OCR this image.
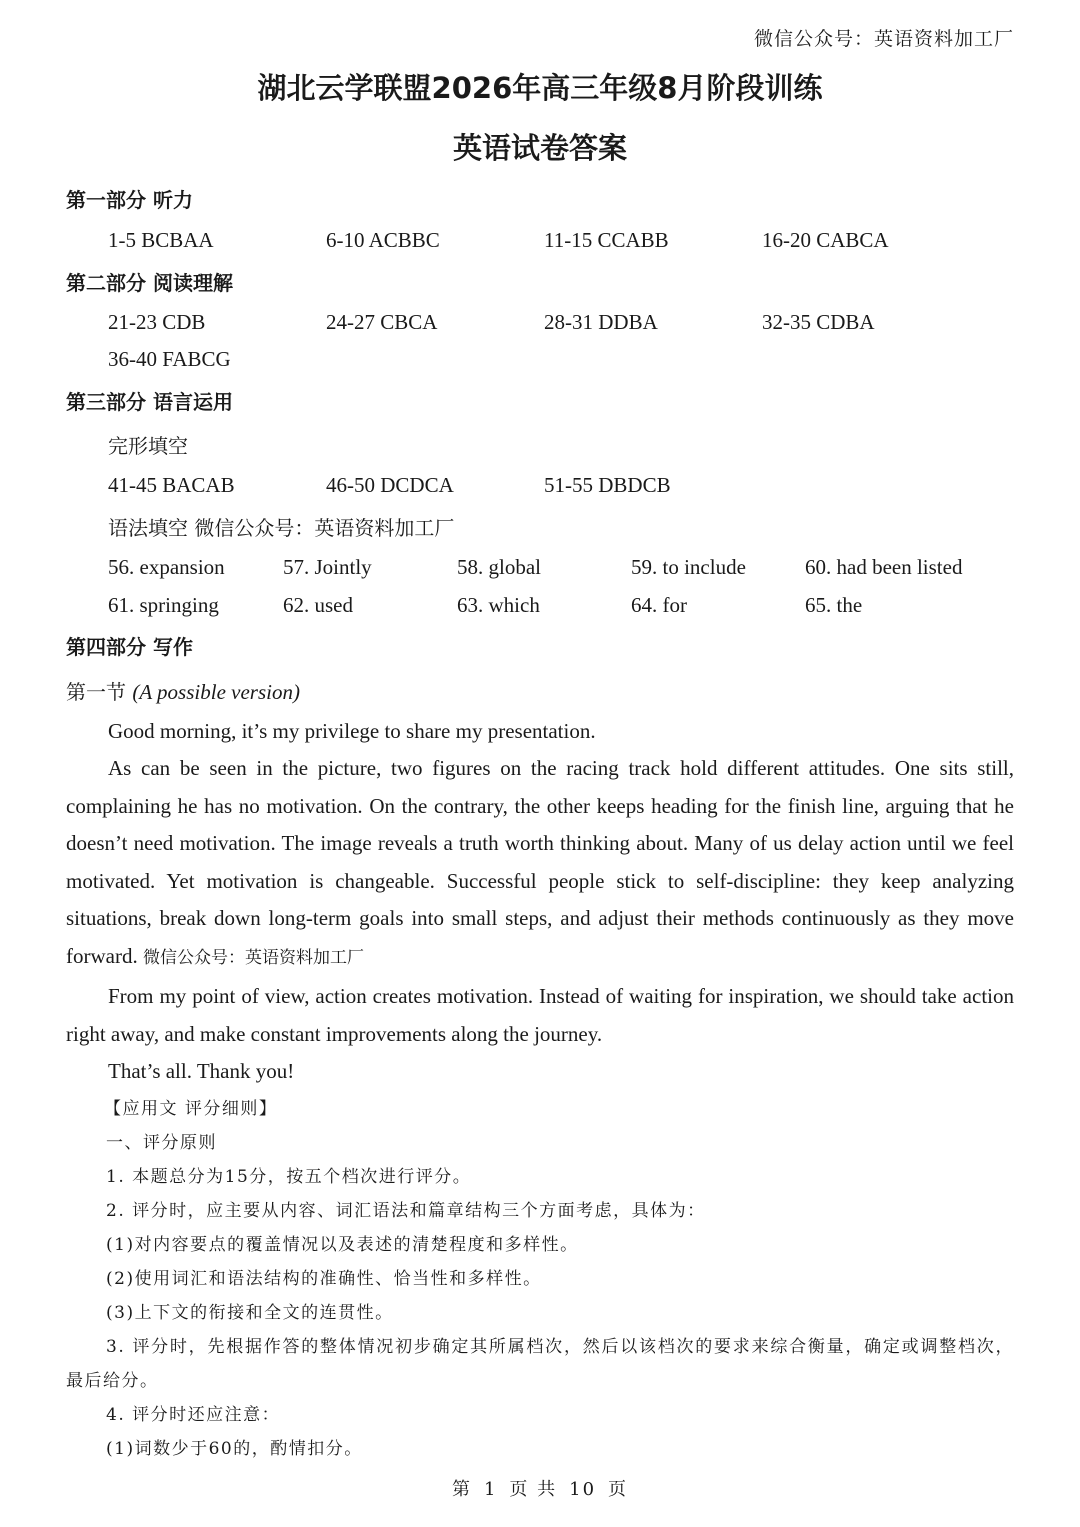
微信公众号：英语资料加工厂
湖北云学联盟2026年高三年级8月阶段训练
英语试卷答案
第一部分 听力
1-5 BCBAA	6-10 ACBBC	11-15 CCABB	16-20 CABCA
第二部分 阅读理解
21-23 CDB	24-27 CBCA	28-31 DDBA	32-35 CDBA
36-40 FABCG
第三部分 语言运用
完形填空
41-45 BACAB	46-50 DCDCA	51-55 DBDCB
语法填空 微信公众号：英语资料加工厂
56. expansion	57. Jointly	58. global	59. to include	60. had been listed
61. springing	62. used	63. which	64. for	65. the
第四部分 写作
第一节 (A possible version)

Good morning, it’s my privilege to share my presentation.

As can be seen in the picture, two figures on the racing track hold different attitudes. One sits still, complaining he has no motivation. On the contrary, the other keeps heading for the finish line, arguing that he doesn’t need motivation. The image reveals a truth worth thinking about. Many of us delay action until we feel motivated. Yet motivation is changeable. Successful people stick to self-discipline: they keep analyzing situations, break down long-term goals into small steps, and adjust their methods continuously as they move forward. 微信公众号：英语资料加工厂

From my point of view, action creates motivation. Instead of waiting for inspiration, we should take action right away, and make constant improvements along the journey.

That’s all. Thank you!

【应用文 评分细则】

一、评分原则

1. 本题总分为15分，按五个档次进行评分。

2. 评分时，应主要从内容、词汇语法和篇章结构三个方面考虑，具体为：

(1)对内容要点的覆盖情况以及表述的清楚程度和多样性。

(2)使用词汇和语法结构的准确性、恰当性和多样性。

(3)上下文的衔接和全文的连贯性。

3. 评分时，先根据作答的整体情况初步确定其所属档次，然后以该档次的要求来综合衡量，确定或调整档次，最后给分。

4. 评分时还应注意：

(1)词数少于60的，酌情扣分。

第 1 页 共 10 页
